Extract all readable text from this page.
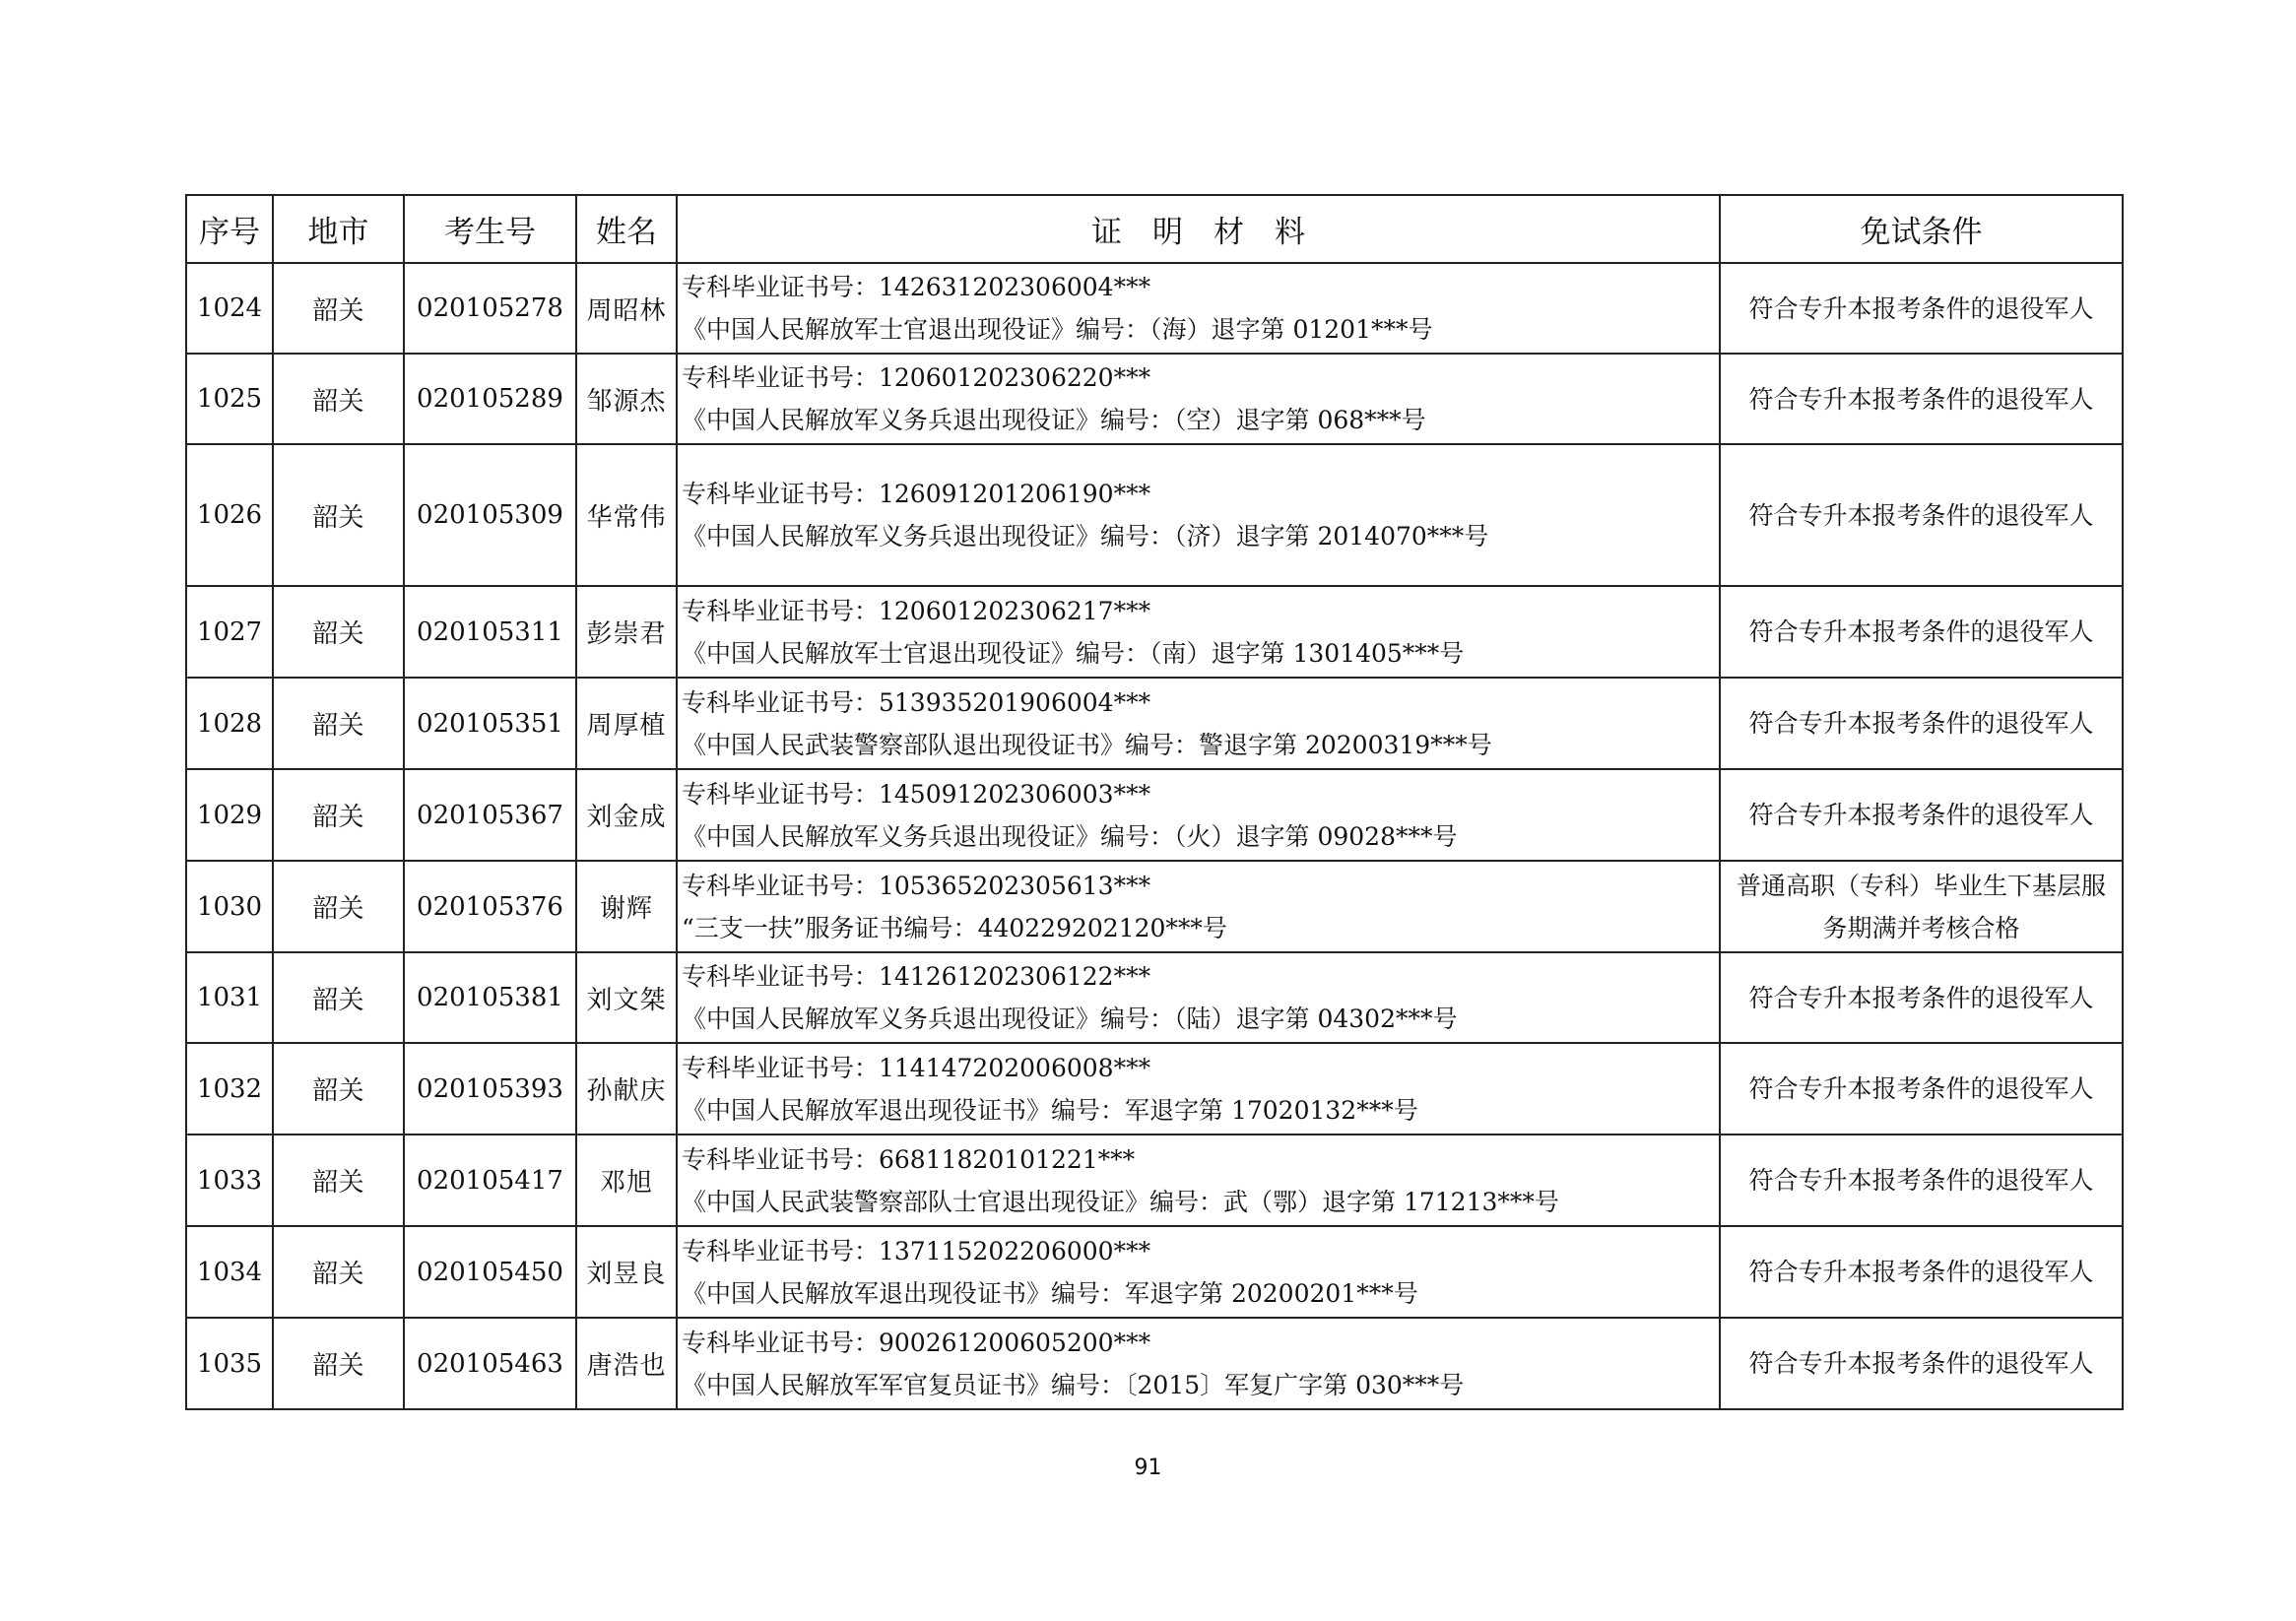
序号	地市	考生号	姓名	证　明　材　料	免试条件
1024	韶关	020105278	周昭林	专科毕业证书号：142631202306004***
《中国人民解放军士官退出现役证》编号：（海）退字第 01201***号	符合专升本报考条件的退役军人

1025	韶关	020105289	邹源杰	专科毕业证书号：120601202306220***
《中国人民解放军义务兵退出现役证》编号：（空）退字第 068***号	符合专升本报考条件的退役军人

1026	韶关	020105309	华常伟	专科毕业证书号：126091201206190***
《中国人民解放军义务兵退出现役证》编号：（济）退字第 2014070***号	符合专升本报考条件的退役军人

1027	韶关	020105311	彭崇君	专科毕业证书号：120601202306217***
《中国人民解放军士官退出现役证》编号：（南）退字第 1301405***号	符合专升本报考条件的退役军人

1028	韶关	020105351	周厚植	专科毕业证书号：513935201906004***
《中国人民武装警察部队退出现役证书》编号：警退字第 20200319***号	符合专升本报考条件的退役军人

1029	韶关	020105367	刘金成	专科毕业证书号：145091202306003***
《中国人民解放军义务兵退出现役证》编号：（火）退字第 09028***号	符合专升本报考条件的退役军人

1030	韶关	020105376	谢辉	专科毕业证书号：105365202305613***
“三支一扶”服务证书编号：440229202120***号	普通高职（专科）毕业生下基层服
务期满并考核合格

1031	韶关	020105381	刘文桀	专科毕业证书号：141261202306122***
《中国人民解放军义务兵退出现役证》编号：（陆）退字第 04302***号	符合专升本报考条件的退役军人

1032	韶关	020105393	孙献庆	专科毕业证书号：114147202006008***
《中国人民解放军退出现役证书》编号：军退字第 17020132***号	符合专升本报考条件的退役军人

1033	韶关	020105417	邓旭	专科毕业证书号：66811820101221***
《中国人民武装警察部队士官退出现役证》编号：武（鄂）退字第 171213***号	符合专升本报考条件的退役军人

1034	韶关	020105450	刘昱良	专科毕业证书号：137115202206000***
《中国人民解放军退出现役证书》编号：军退字第 20200201***号	符合专升本报考条件的退役军人

1035	韶关	020105463	唐浩也	专科毕业证书号：900261200605200***
《中国人民解放军军官复员证书》编号：〔2015〕军复广字第 030***号	符合专升本报考条件的退役军人
91
